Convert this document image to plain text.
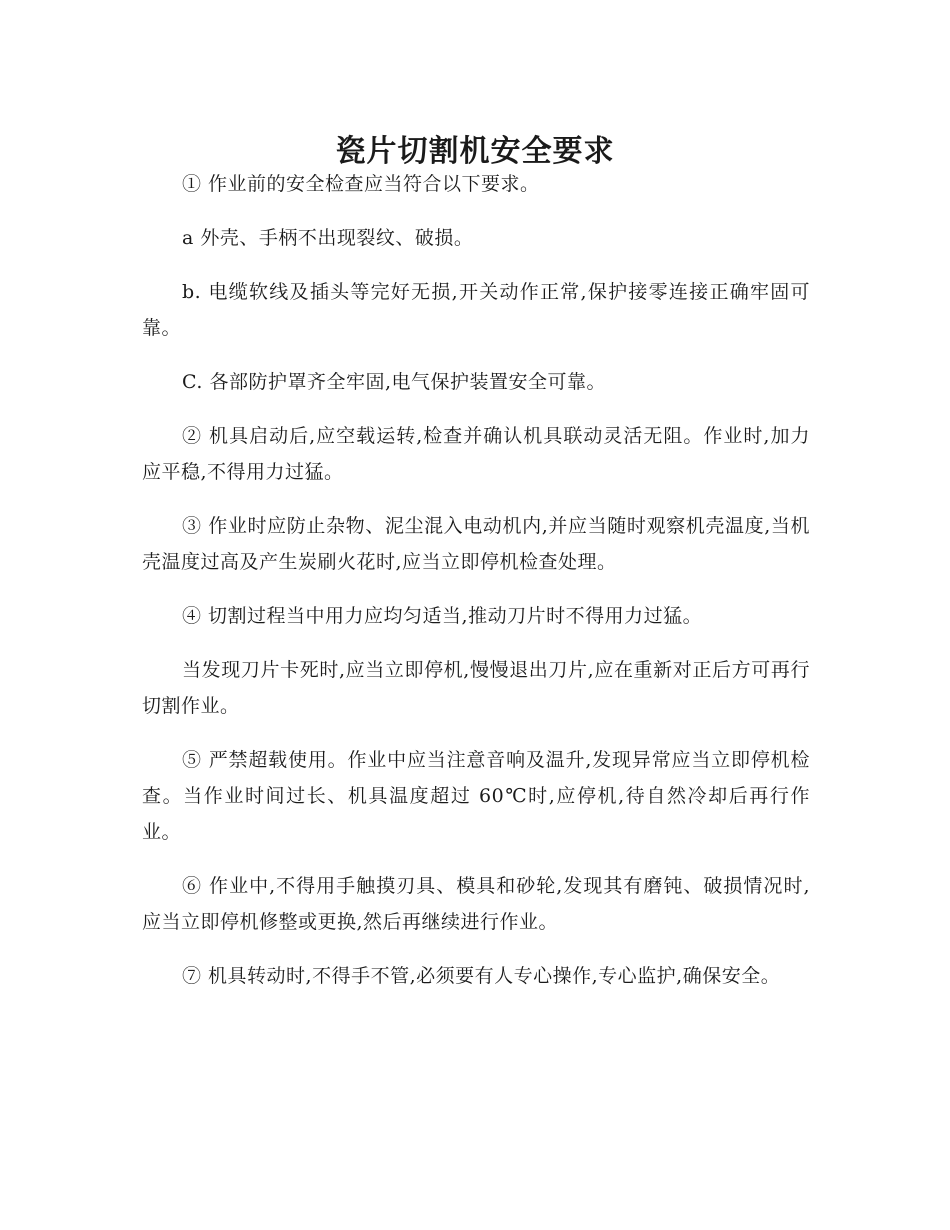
瓷片切割机安全要求

① 作业前的安全检查应当符合以下要求。

a 外壳、手柄不出现裂纹、破损。

b. 电缆软线及插头等完好无损,开关动作正常,保护接零连接正确牢固可靠。

C. 各部防护罩齐全牢固,电气保护装置安全可靠。

② 机具启动后,应空载运转,检查并确认机具联动灵活无阻。作业时,加力应平稳,不得用力过猛。

③ 作业时应防止杂物、泥尘混入电动机内,并应当随时观察机壳温度,当机壳温度过高及产生炭刷火花时,应当立即停机检查处理。

④ 切割过程当中用力应均匀适当,推动刀片时不得用力过猛。

当发现刀片卡死时,应当立即停机,慢慢退出刀片,应在重新对正后方可再行切割作业。

⑤ 严禁超载使用。作业中应当注意音响及温升,发现异常应当立即停机检查。当作业时间过长、机具温度超过 60℃时,应停机,待自然冷却后再行作业。

⑥ 作业中,不得用手触摸刃具、模具和砂轮,发现其有磨钝、破损情况时,应当立即停机修整或更换,然后再继续进行作业。

⑦ 机具转动时,不得手不管,必须要有人专心操作,专心监护,确保安全。
